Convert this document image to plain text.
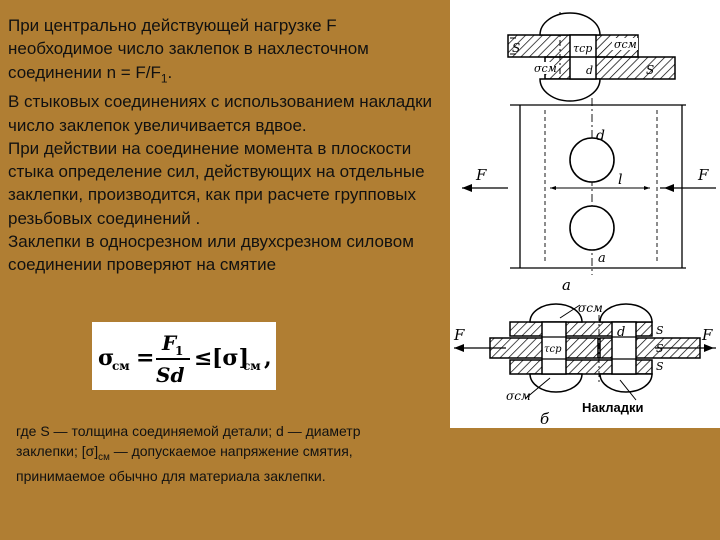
При центрально действующей нагрузке F
необходимое число заклепок в нахлесточном
соединении $n = F/F_1$.
В стыковых соединениях с использованием накладки число заклепок увеличивается вдвое.
При действии на соединение момента в плоскости стыка определение сил, действующих на отдельные заклепки, производится, как при расчете групповых резьбовых соединений .
Заклепки в односрезном или двухсрезном силовом соединении проверяют на смятие
σ
см =
F
1
Sd
≤ [σ]
см ,
где S — толщина соединяемой детали; d — диаметр заклепки; $[\sigma]_{см}$ — допускаемое напряжение смятия, принимаемое обычно для материала заклепки.
S	τср σсм
σсм	d	S
d
F	F
l
a
a
F	F
σсм
τср
d	S
S
S
σсм
Накладки
б
